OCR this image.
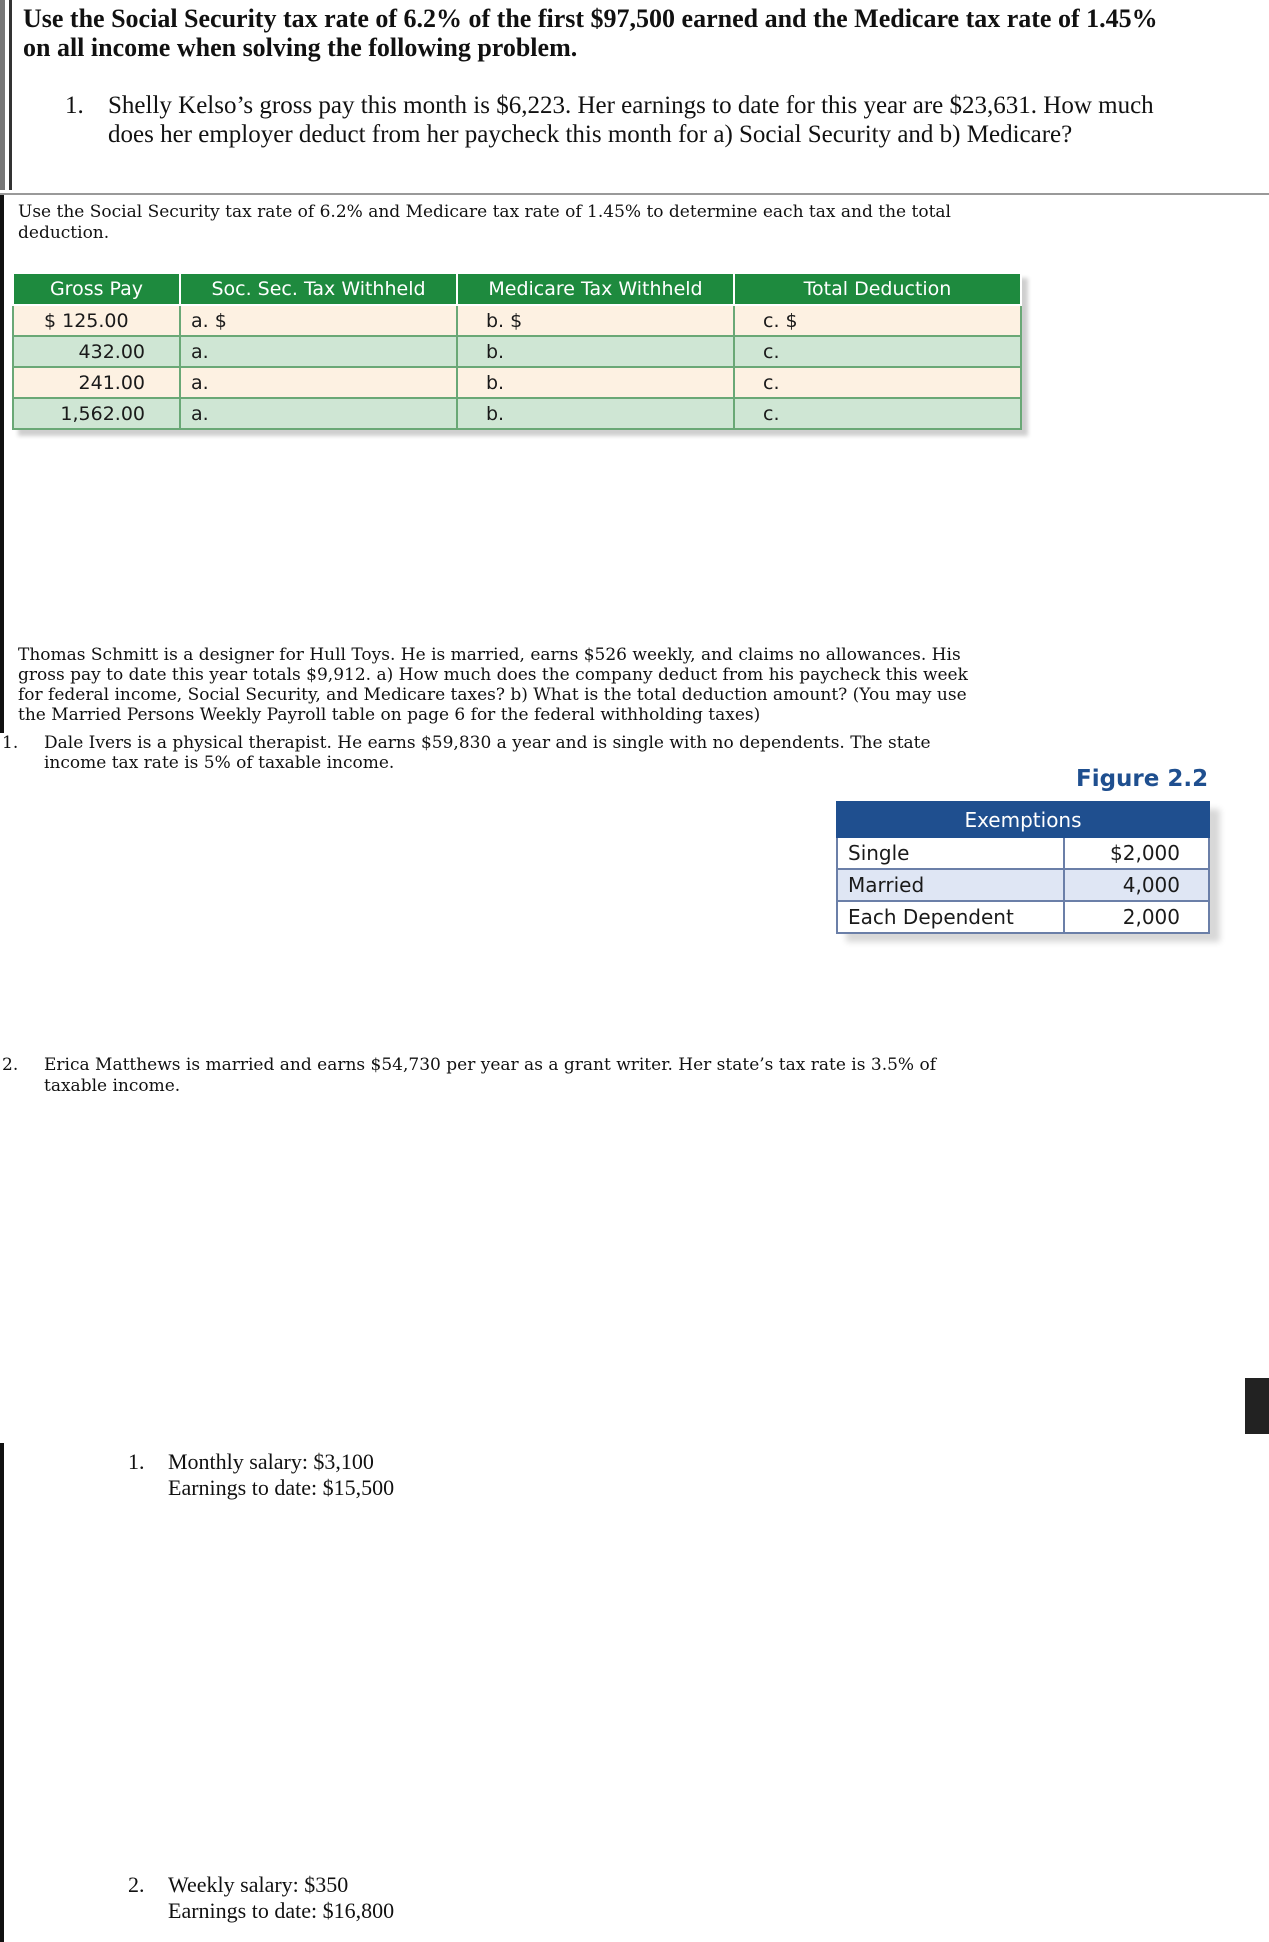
Use the Social Security tax rate of 6.2% of the first $97,500 earned and the Medicare tax rate of 1.45%
on all income when solving the following problem.
1. Shelly Kelso’s gross pay this month is $6,223. Her earnings to date for this year are $23,631. How much
does her employer deduct from her paycheck this month for a) Social Security and b) Medicare?
Use the Social Security tax rate of 6.2% and Medicare tax rate of 1.45% to determine each tax and the total
deduction.
Gross Pay	Soc. Sec. Tax Withheld	Medicare Tax Withheld	Total Deduction
$ 125.00	a. $	b. $	c. $
432.00	a.	b.	c.
241.00	a.	b.	c.
1,562.00	a.	b.	c.
Thomas Schmitt is a designer for Hull Toys. He is married, earns $526 weekly, and claims no allowances. His
gross pay to date this year totals $9,912. a) How much does the company deduct from his paycheck this week
for federal income, Social Security, and Medicare taxes? b) What is the total deduction amount? (You may use
the Married Persons Weekly Payroll table on page 6 for the federal withholding taxes)
1. Dale Ivers is a physical therapist. He earns $59,830 a year and is single with no dependents. The state
income tax rate is 5% of taxable income.
Figure 2.2
Exemptions	
Single	$2,000
Married	4,000
Each Dependent	2,000
2. Erica Matthews is married and earns $54,730 per year as a grant writer. Her state’s tax rate is 3.5% of
taxable income.
1. Monthly salary: $3,100
Earnings to date: $15,500
2. Weekly salary: $350
Earnings to date: $16,800
